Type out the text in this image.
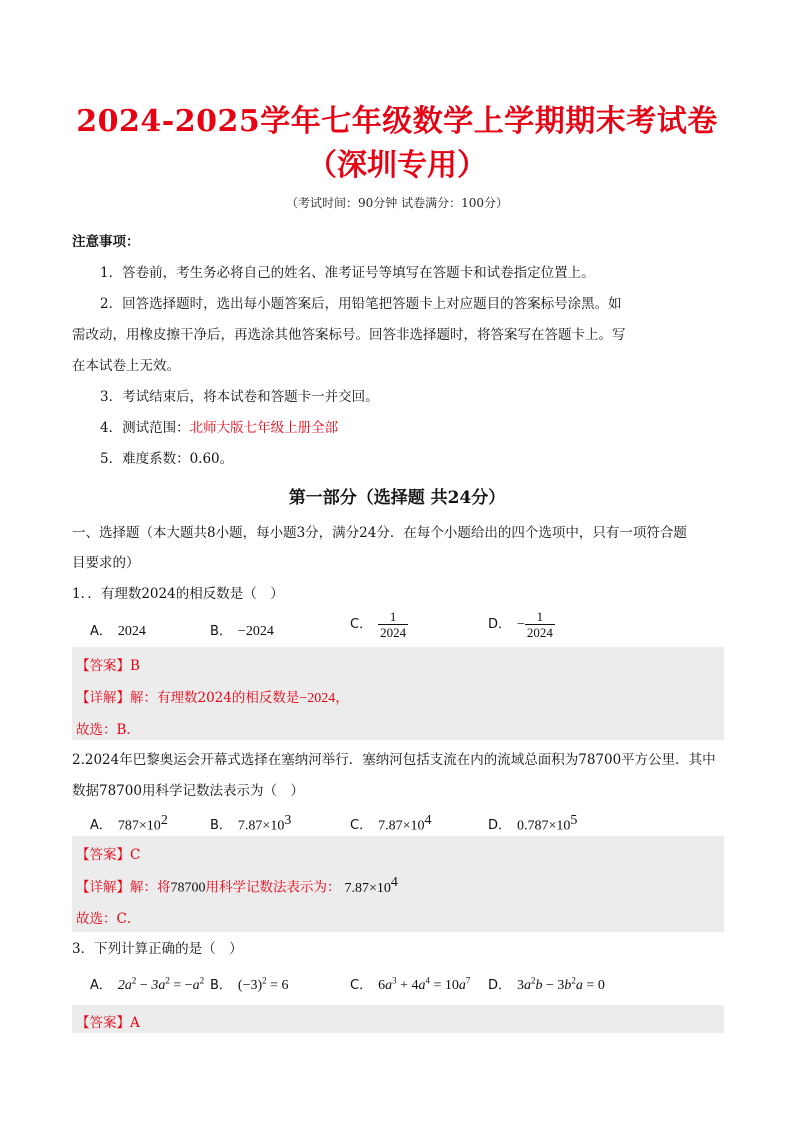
2024-2025学年七年级数学上学期期末考试卷
（深圳专用）
（考试时间：90分钟 试卷满分：100分）
注意事项：
1．答卷前，考生务必将自己的姓名、准考证号等填写在答题卡和试卷指定位置上。
2．回答选择题时，选出每小题答案后，用铅笔把答题卡上对应题目的答案标号涂黑。如
需改动，用橡皮擦干净后，再选涂其他答案标号。回答非选择题时，将答案写在答题卡上。写
在本试卷上无效。
3．考试结束后，将本试卷和答题卡一并交回。
4．测试范围：北师大版七年级上册全部
5．难度系数：0.60。
第一部分（选择题 共24分）
一、选择题（本大题共8小题，每小题3分，满分24分．在每个小题给出的四个选项中，只有一项符合题
目要求的）
1．．有理数2024的相反数是（　）
A． 2024	B． −2024	C． $\frac{1}{2024}$	D． − $\frac{1}{2024}$
【答案】B
【详解】解：有理数2024的相反数是−2024，
故选：B．
2.2024年巴黎奥运会开幕式选择在塞纳河举行．塞纳河包括支流在内的流域总面积为78700平方公里．其中
数据78700用科学记数法表示为（　）
A． $787\times 10^2$	B． $7.87\times 10^3$	C． $7.87\times 10^4$	D． $0.787\times 10^5$
【答案】C
【详解】解：将78700用科学记数法表示为： $7.87\times 10^4$
故选：C．
3．下列计算正确的是（　）
A． $2a^2 - 3a^2 = -a^2$ B． $(-3)^2 = 6$	C． $6a^3 + 4a^4 = 10a^7$ D． $3a^2b - 3b^2a = 0$
【答案】A
